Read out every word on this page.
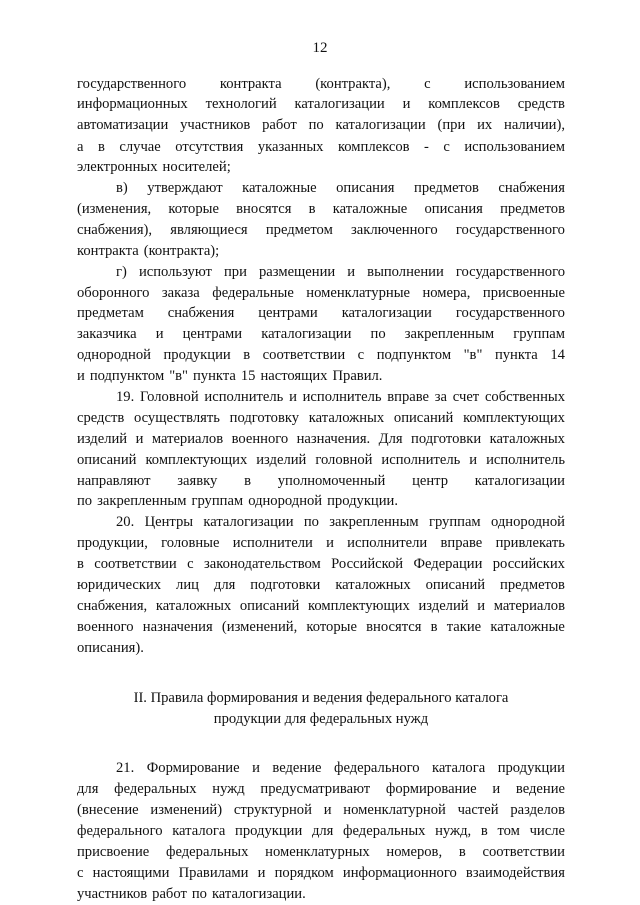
12
государственного контракта (контракта), с использованием
информационных технологий каталогизации и комплексов средств
автоматизации участников работ по каталогизации (при их наличии),
а в случае отсутствия указанных комплексов - с использованием
электронных носителей;
в) утверждают каталожные описания предметов снабжения
(изменения, которые вносятся в каталожные описания предметов
снабжения), являющиеся предметом заключенного государственного
контракта (контракта);
г) используют при размещении и выполнении государственного
оборонного заказа федеральные номенклатурные номера, присвоенные
предметам снабжения центрами каталогизации государственного
заказчика и центрами каталогизации по закрепленным группам
однородной продукции в соответствии с подпунктом "в" пункта 14
и подпунктом "в" пункта 15 настоящих Правил.
19. Головной исполнитель и исполнитель вправе за счет собственных
средств осуществлять подготовку каталожных описаний комплектующих
изделий и материалов военного назначения. Для подготовки каталожных
описаний комплектующих изделий головной исполнитель и исполнитель
направляют заявку в уполномоченный центр каталогизации
по закрепленным группам однородной продукции.
20. Центры каталогизации по закрепленным группам однородной
продукции, головные исполнители и исполнители вправе привлекать
в соответствии с законодательством Российской Федерации российских
юридических лиц для подготовки каталожных описаний предметов
снабжения, каталожных описаний комплектующих изделий и материалов
военного назначения (изменений, которые вносятся в такие каталожные
описания).
II. Правила формирования и ведения федерального каталога
продукции для федеральных нужд
21. Формирование и ведение федерального каталога продукции
для федеральных нужд предусматривают формирование и ведение
(внесение изменений) структурной и номенклатурной частей разделов
федерального каталога продукции для федеральных нужд, в том числе
присвоение федеральных номенклатурных номеров, в соответствии
с настоящими Правилами и порядком информационного взаимодействия
участников работ по каталогизации.
